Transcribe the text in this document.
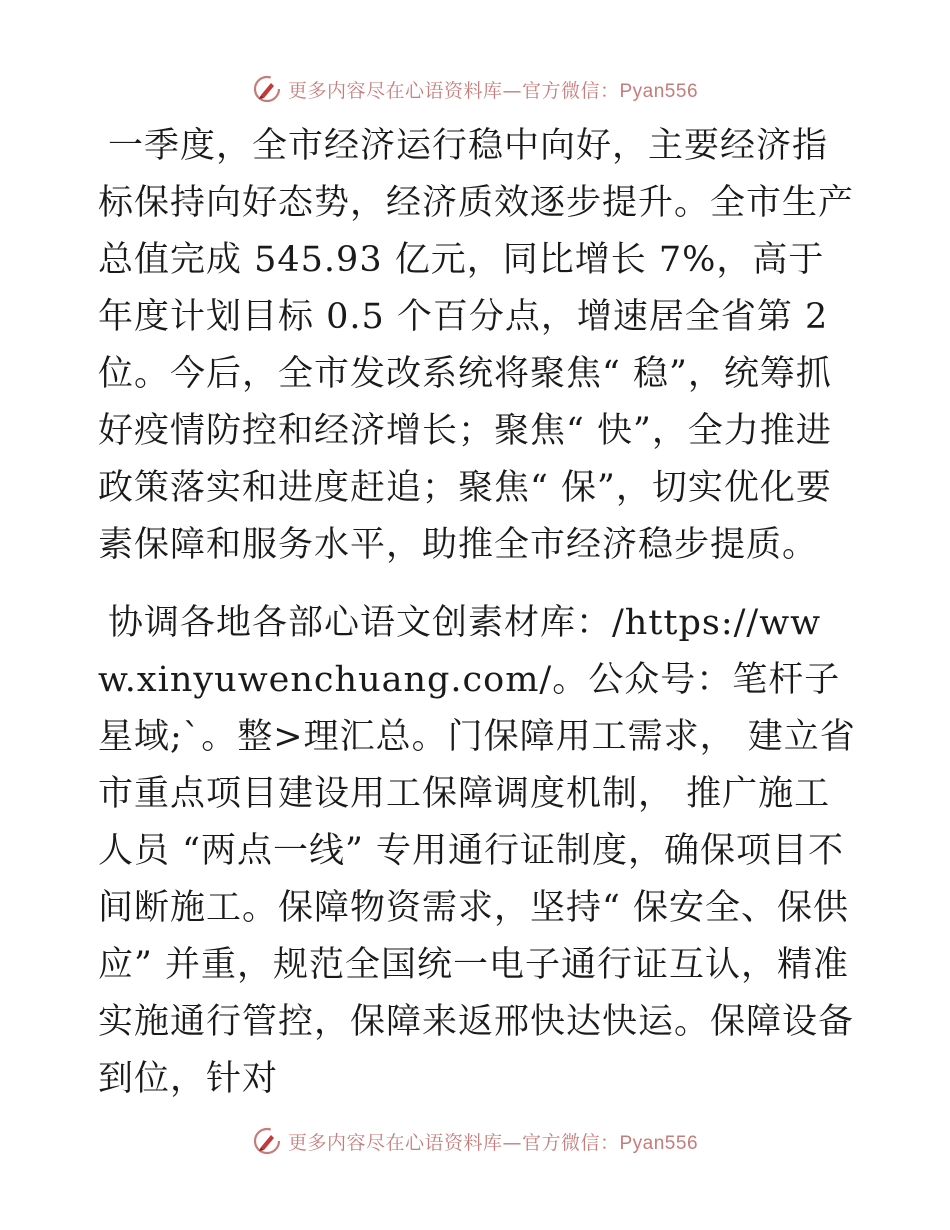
更多内容尽在心语资料库—官方微信：Pyan556

一季度，全市经济运行稳中向好，主要经济指标保持向好态势，经济质效逐步提升。全市生产总值完成 545.93 亿元，同比增长 7%，高于年度计划目标 0.5 个百分点，增速居全省第 2 位。今后，全市发改系统将聚焦“ 稳”，统筹抓好疫情防控和经济增长；聚焦“ 快”，全力推进政策落实和进度赶追；聚焦“ 保”，切实优化要素保障和服务水平，助推全市经济稳步提质。

协调各地各部心语文创素材库：/https://www.xinyuwenchuang.com/。公众号：笔杆子星域;`。整>理汇总。门保障用工需求， 建立省市重点项目建设用工保障调度机制， 推广施工人员 “两点一线” 专用通行证制度，确保项目不间断施工。保障物资需求，坚持“ 保安全、保供应” 并重，规范全国统一电子通行证互认，精准实施通行管控，保障来返邢快达快运。保障设备到位，针对

更多内容尽在心语资料库—官方微信：Pyan556
